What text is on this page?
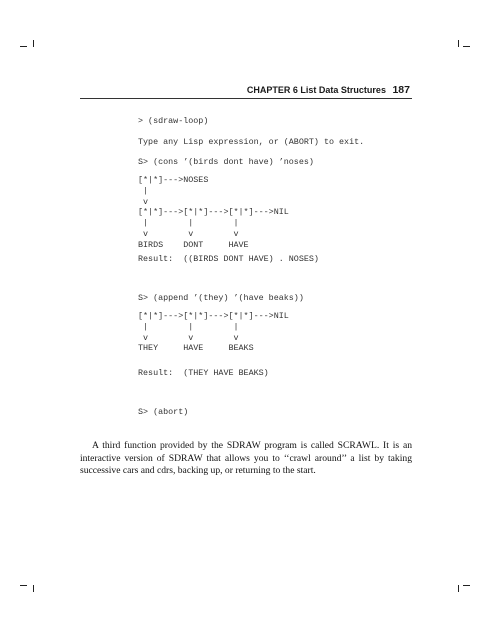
CHAPTER 6 List Data Structures 187
> (sdraw-loop)
Type any Lisp expression, or (ABORT) to exit.
S> (cons ’(birds dont have) ’noses)
[*|*]--->NOSES
|
v
[*|*]--->[*|*]--->[*|*]--->NIL
|        |        |
v        v        v
BIRDS    DONT     HAVE
Result:  ((BIRDS DONT HAVE) . NOSES)
S> (append ’(they) ’(have beaks))
[*|*]--->[*|*]--->[*|*]--->NIL
|        |        |
v        v        v
THEY     HAVE     BEAKS
Result:  (THEY HAVE BEAKS)
S> (abort)

A third function provided by the SDRAW program is called SCRAWL. It is an interactive version of SDRAW that allows you to ‘‘crawl around’’ a list by taking successive cars and cdrs, backing up, or returning to the start.
